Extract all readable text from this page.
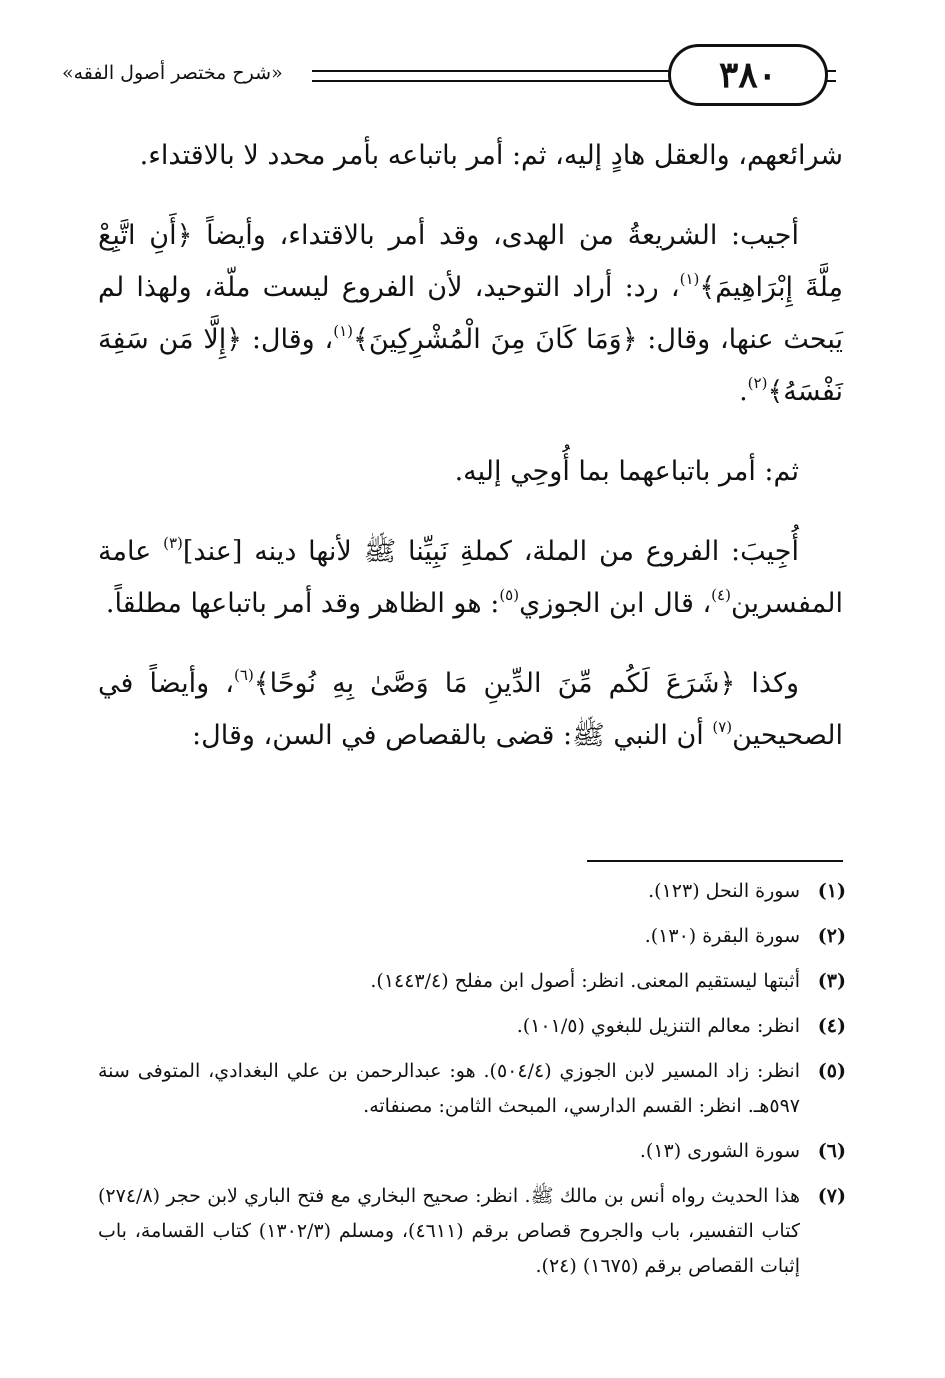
«شرح مختصر أصول الفقه»	٣٨٠

شرائعهم، والعقل هادٍ إليه، ثم: أمر باتباعه بأمر محدد لا بالاقتداء.

أجيب: الشريعةُ من الهدى، وقد أمر بالاقتداء، وأيضاً ﴿أَنِ اتَّبِعْ مِلَّةَ إِبْرَاهِيمَ﴾$^{(١)}$، رد: أراد التوحيد، لأن الفروع ليست ملّة، ولهذا لم يَبحث عنها، وقال: ﴿وَمَا كَانَ مِنَ الْمُشْرِكِينَ﴾$^{(١)}$، وقال: ﴿إِلَّا مَن سَفِهَ نَفْسَهُ﴾$^{(٢)}$.

ثم: أمر باتباعهما بما أُوحِي إليه.

أُجِيبَ: الفروع من الملة، كملةِ نَبِيِّنا ﷺ لأنها دينه [عند]$^{(٣)}$ عامة المفسرين$^{(٤)}$، قال ابن الجوزي$^{(٥)}$: هو الظاهر وقد أمر باتباعها مطلقاً.

وكذا ﴿شَرَعَ لَكُم مِّنَ الدِّينِ مَا وَصَّىٰ بِهِ نُوحًا﴾$^{(٦)}$، وأيضاً في الصحيحين$^{(٧)}$ أن النبي ﷺ: قضى بالقصاص في السن، وقال:

(١)
سورة النحل (١٢٣).
(٢)
سورة البقرة (١٣٠).
(٣)
أثبتها ليستقيم المعنى. انظر: أصول ابن مفلح (١٤٤٣/٤).
(٤)
انظر: معالم التنزيل للبغوي (١٠١/٥).
(٥)
انظر: زاد المسير لابن الجوزي (٥٠٤/٤). هو: عبدالرحمن بن علي البغدادي، المتوفى سنة ٥٩٧هـ. انظر: القسم الدارسي، المبحث الثامن: مصنفاته.
(٦)
سورة الشورى (١٣).
(٧)
هذا الحديث رواه أنس بن مالك ﷺ. انظر: صحيح البخاري مع فتح الباري لابن حجر (٢٧٤/٨) كتاب التفسير، باب والجروح قصاص برقم (٤٦١١)، ومسلم (١٣٠٢/٣) كتاب القسامة، باب إثبات القصاص برقم (١٦٧٥) (٢٤).
